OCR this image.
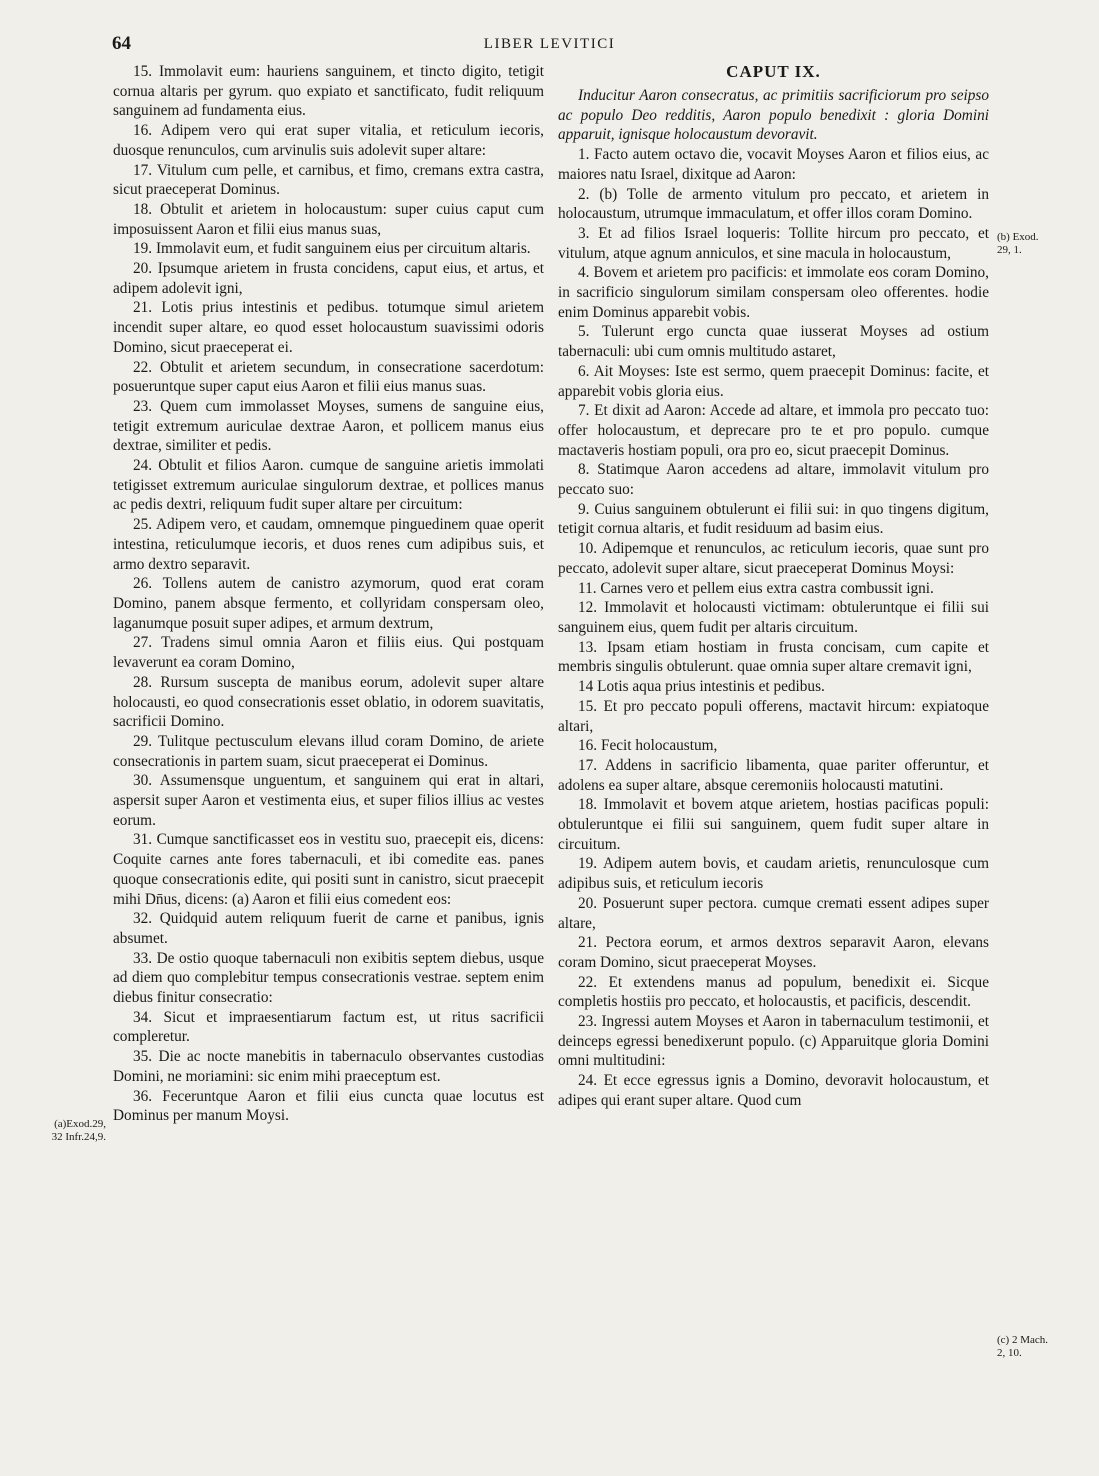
64	LIBER LEVITICI

15. Immolavit eum: hauriens sanguinem, et tincto digito, tetigit cornua altaris per gyrum. quo expiato et sanctificato, fudit reliquum sanguinem ad fundamenta eius.

16. Adipem vero qui erat super vitalia, et reticulum iecoris, duosque renunculos, cum arvinulis suis adolevit super altare:

17. Vitulum cum pelle, et carnibus, et fimo, cremans extra castra, sicut praeceperat Dominus.

18. Obtulit et arietem in holocaustum: super cuius caput cum imposuissent Aaron et filii eius manus suas,

19. Immolavit eum, et fudit sanguinem eius per circuitum altaris.

20. Ipsumque arietem in frusta concidens, caput eius, et artus, et adipem adolevit igni,

21. Lotis prius intestinis et pedibus. totumque simul arietem incendit super altare, eo quod esset holocaustum suavissimi odoris Domino, sicut praeceperat ei.

22. Obtulit et arietem secundum, in consecratione sacerdotum: posueruntque super caput eius Aaron et filii eius manus suas.

23. Quem cum immolasset Moyses, sumens de sanguine eius, tetigit extremum auriculae dextrae Aaron, et pollicem manus eius dextrae, similiter et pedis.

24. Obtulit et filios Aaron. cumque de sanguine arietis immolati tetigisset extremum auriculae singulorum dextrae, et pollices manus ac pedis dextri, reliquum fudit super altare per circuitum:

25. Adipem vero, et caudam, omnemque pinguedinem quae operit intestina, reticulumque iecoris, et duos renes cum adipibus suis, et armo dextro separavit.

26. Tollens autem de canistro azymorum, quod erat coram Domino, panem absque fermento, et collyridam conspersam oleo, laganumque posuit super adipes, et armum dextrum,

27. Tradens simul omnia Aaron et filiis eius. Qui postquam levaverunt ea coram Domino,

28. Rursum suscepta de manibus eorum, adolevit super altare holocausti, eo quod consecrationis esset oblatio, in odorem suavitatis, sacrificii Domino.

29. Tulitque pectusculum elevans illud coram Domino, de ariete consecrationis in partem suam, sicut praeceperat ei Dominus.

30. Assumensque unguentum, et sanguinem qui erat in altari, aspersit super Aaron et vestimenta eius, et super filios illius ac vestes eorum.

31. Cumque sanctificasset eos in vestitu suo, praecepit eis, dicens: Coquite carnes ante fores tabernaculi, et ibi comedite eas. panes quoque consecrationis edite, qui positi sunt in canistro, sicut praecepit mihi Dn̄us, dicens: (a) Aaron et filii eius comedent eos:

32. Quidquid autem reliquum fuerit de carne et panibus, ignis absumet.

33. De ostio quoque tabernaculi non exibitis septem diebus, usque ad diem quo complebitur tempus consecrationis vestrae. septem enim diebus finitur consecratio:

34. Sicut et impraesentiarum factum est, ut ritus sacrificii compleretur.

35. Die ac nocte manebitis in tabernaculo observantes custodias Domini, ne moriamini: sic enim mihi praeceptum est.

36. Feceruntque Aaron et filii eius cuncta quae locutus est Dominus per manum Moysi.

CAPUT IX.

Inducitur Aaron consecratus, ac primitiis sacrificiorum pro seipso ac populo Deo redditis, Aaron populo benedixit : gloria Domini apparuit, ignisque holocaustum devoravit.

1. Facto autem octavo die, vocavit Moyses Aaron et filios eius, ac maiores natu Israel, dixitque ad Aaron:

2. (b) Tolle de armento vitulum pro peccato, et arietem in holocaustum, utrumque immaculatum, et offer illos coram Domino.

3. Et ad filios Israel loqueris: Tollite hircum pro peccato, et vitulum, atque agnum anniculos, et sine macula in holocaustum,

4. Bovem et arietem pro pacificis: et immolate eos coram Domino, in sacrificio singulorum similam conspersam oleo offerentes. hodie enim Dominus apparebit vobis.

5. Tulerunt ergo cuncta quae iusserat Moyses ad ostium tabernaculi: ubi cum omnis multitudo astaret,

6. Ait Moyses: Iste est sermo, quem praecepit Dominus: facite, et apparebit vobis gloria eius.

7. Et dixit ad Aaron: Accede ad altare, et immola pro peccato tuo: offer holocaustum, et deprecare pro te et pro populo. cumque mactaveris hostiam populi, ora pro eo, sicut praecepit Dominus.

8. Statimque Aaron accedens ad altare, immolavit vitulum pro peccato suo:

9. Cuius sanguinem obtulerunt ei filii sui: in quo tingens digitum, tetigit cornua altaris, et fudit residuum ad basim eius.

10. Adipemque et renunculos, ac reticulum iecoris, quae sunt pro peccato, adolevit super altare, sicut praeceperat Dominus Moysi:

11. Carnes vero et pellem eius extra castra combussit igni.

12. Immolavit et holocausti victimam: obtuleruntque ei filii sui sanguinem eius, quem fudit per altaris circuitum.

13. Ipsam etiam hostiam in frusta concisam, cum capite et membris singulis obtulerunt. quae omnia super altare cremavit igni,

14 Lotis aqua prius intestinis et pedibus.

15. Et pro peccato populi offerens, mactavit hircum: expiatoque altari,

16. Fecit holocaustum,

17. Addens in sacrificio libamenta, quae pariter offeruntur, et adolens ea super altare, absque ceremoniis holocausti matutini.

18. Immolavit et bovem atque arietem, hostias pacificas populi: obtuleruntque ei filii sui sanguinem, quem fudit super altare in circuitum.

19. Adipem autem bovis, et caudam arietis, renunculosque cum adipibus suis, et reticulum iecoris

20. Posuerunt super pectora. cumque cremati essent adipes super altare,

21. Pectora eorum, et armos dextros separavit Aaron, elevans coram Domino, sicut praeceperat Moyses.

22. Et extendens manus ad populum, benedixit ei. Sicque completis hostiis pro peccato, et holocaustis, et pacificis, descendit.

23. Ingressi autem Moyses et Aaron in tabernaculum testimonii, et deinceps egressi benedixerunt populo. (c) Apparuitque gloria Domini omni multitudini:

24. Et ecce egressus ignis a Domino, devoravit holocaustum, et adipes qui erant super altare. Quod cum

(a)Exod.29,
32 Infr.24,9.
(b) Exod.
29, 1.
(c) 2 Mach.
2, 10.
